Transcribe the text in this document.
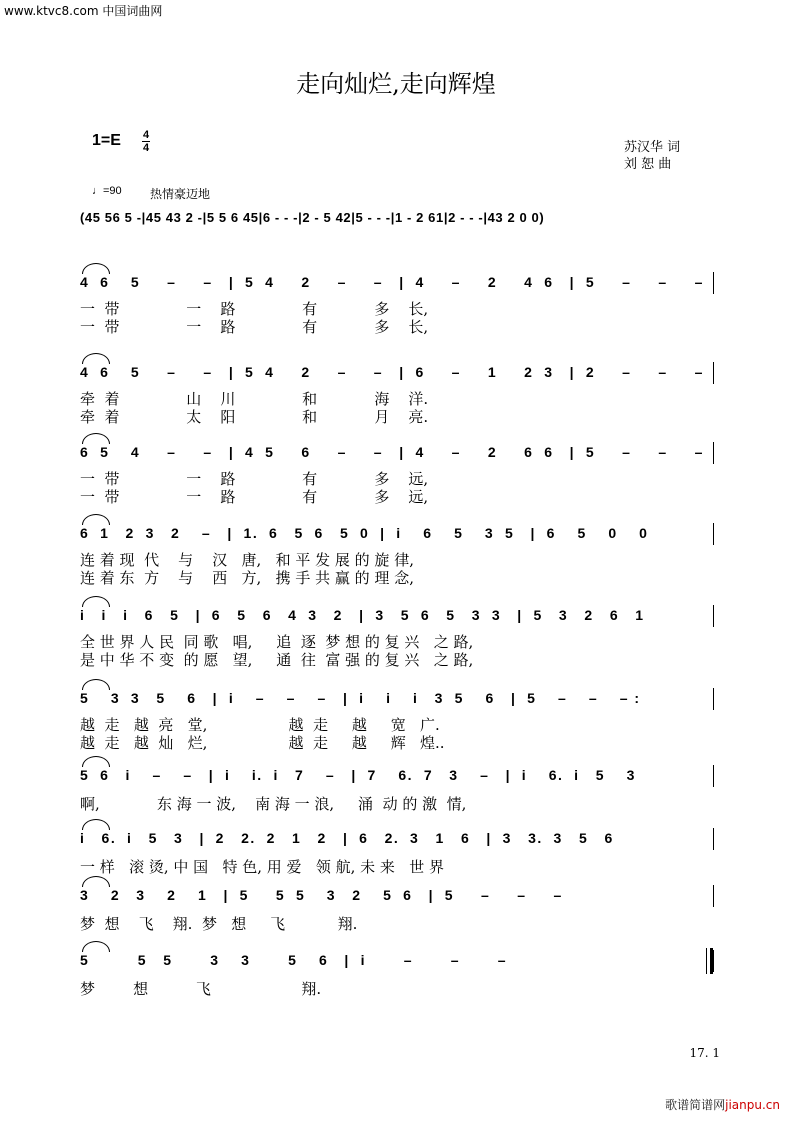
www.ktvc8.com 中国词曲网
走向灿烂,走向辉煌
1=E 4
4	苏汉华 词
刘 恕 曲
♩=90 热情豪迈地
(45 56 5 -|45 43 2 -|5 5 6 45|6 - - -|2 - 5 42|5 - - -|1 - 2 61|2 - - -|43 2 0 0)
4  6    5     –     –   |  5  4     2     –     –   |  4     –     2     4  6   |  5     –     –     –
一  带              一    路              有            多    长,
一  带              一    路              有            多    长,
4  6    5     –     –   |  5  4     2     –     –   |  6     –     1     2  3   |  2     –     –     –
牵  着              山    川              和            海    洋.
牵  着              太    阳              和            月    亮.
6  5    4     –     –   |  4  5     6     –     –   |  4     –     2     6  6   |  5     –     –     –
一  带              一    路              有            多    远,
一  带              一    路              有            多    远,
6  1   2  3   2    –   |  1.  6   5  6   5  0  |  i    6    5    3  5   |  6    5    0    0
连 着 现  代    与    汉   唐,   和 平 发 展 的 旋 律,
连 着 东  方    与    西   方,   携 手 共 赢 的 理 念,
i   i   i   6   5   |  6   5   6   4  3   2   |  3   5  6   5   3  3   |  5   3   2   6   1
全 世 界 人 民  同 歌   唱,     追  逐  梦 想 的 复 兴   之 路,
是 中 华 不 变  的 愿   望,     通  往  富 强 的 复 兴   之 路,
5    3  3   5    6   |  i    –    –    –   |  i    i    i   3  5    6   |  5    –    –    – :
越  走   越  亮   堂,                 越  走     越     宽   广.
越  走   越  灿   烂,                 越  走     越     辉   煌..
5  6   i    –    –   |  i    i.  i   7    –   |  7    6.  7   3    –   |  i    6.  i   5    3
啊,            东 海 一 波,    南 海 一 浪,     涌  动 的 激  情,
i   6.  i   5   3   |  2   2.  2   1   2   |  6   2.  3   1   6   |  3   3.  3   5   6
一 样   滚 烫, 中 国   特 色, 用 爱   领 航, 未 来   世 界
3    2   3    2    1   |  5     5  5    3   2    5  6   |  5     –     –     –
梦  想    飞    翔.  梦   想     飞           翔.
5         5   5       3    3       5    6   |  i       –       –       –
梦        想          飞                   翔.
17. 1
歌谱简谱网jianpu.cn
